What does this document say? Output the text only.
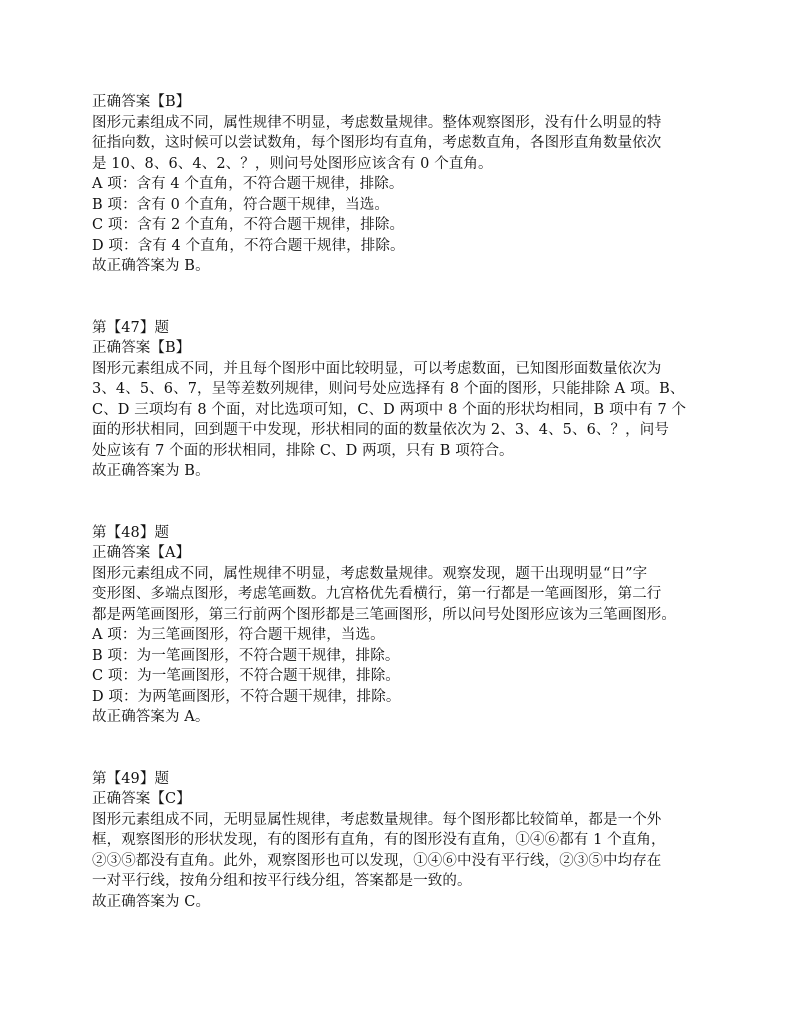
正确答案【B】
图形元素组成不同，属性规律不明显，考虑数量规律。整体观察图形，没有什么明显的特
征指向数，这时候可以尝试数角，每个图形均有直角，考虑数直角，各图形直角数量依次
是 10、8、6、4、2、？，则问号处图形应该含有 0 个直角。
A 项：含有 4 个直角，不符合题干规律，排除。
B 项：含有 0 个直角，符合题干规律，当选。
C 项：含有 2 个直角，不符合题干规律，排除。
D 项：含有 4 个直角，不符合题干规律，排除。
故正确答案为 B。
第【47】题
正确答案【B】
图形元素组成不同，并且每个图形中面比较明显，可以考虑数面，已知图形面数量依次为
3、4、5、6、7，呈等差数列规律，则问号处应选择有 8 个面的图形，只能排除 A 项。B、
C、D 三项均有 8 个面，对比选项可知，C、D 两项中 8 个面的形状均相同，B 项中有 7 个
面的形状相同，回到题干中发现，形状相同的面的数量依次为 2、3、4、5、6、？，问号
处应该有 7 个面的形状相同，排除 C、D 两项，只有 B 项符合。
故正确答案为 B。
第【48】题
正确答案【A】
图形元素组成不同，属性规律不明显，考虑数量规律。观察发现，题干出现明显“日”字
变形图、多端点图形，考虑笔画数。九宫格优先看横行，第一行都是一笔画图形，第二行
都是两笔画图形，第三行前两个图形都是三笔画图形，所以问号处图形应该为三笔画图形。
A 项：为三笔画图形，符合题干规律，当选。
B 项：为一笔画图形，不符合题干规律，排除。
C 项：为一笔画图形，不符合题干规律，排除。
D 项：为两笔画图形，不符合题干规律，排除。
故正确答案为 A。
第【49】题
正确答案【C】
图形元素组成不同，无明显属性规律，考虑数量规律。每个图形都比较简单，都是一个外
框，观察图形的形状发现，有的图形有直角，有的图形没有直角，①④⑥都有 1 个直角，
②③⑤都没有直角。此外，观察图形也可以发现，①④⑥中没有平行线，②③⑤中均存在
一对平行线，按角分组和按平行线分组，答案都是一致的。
故正确答案为 C。
